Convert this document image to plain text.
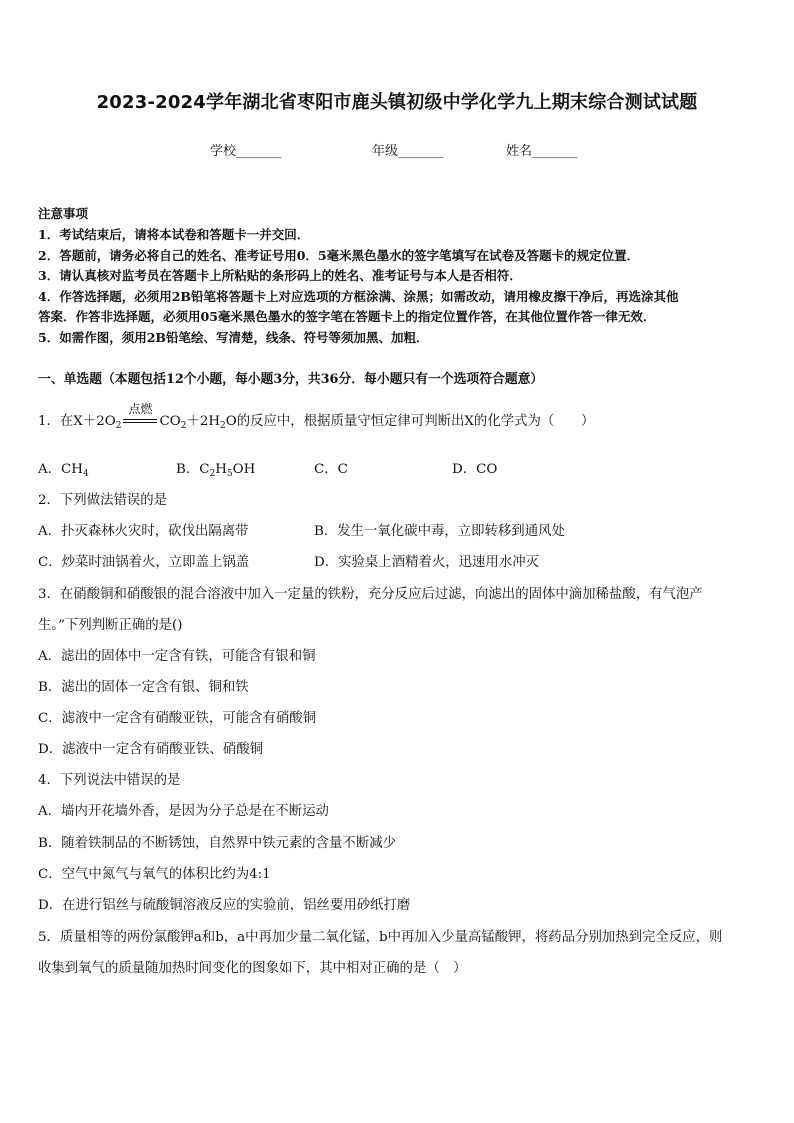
2023-2024学年湖北省枣阳市鹿头镇初级中学化学九上期末综合测试试题
学校_______	年级_______	姓名_______
注意事项
1．考试结束后，请将本试卷和答题卡一并交回．
2．答题前，请务必将自己的姓名、准考证号用0．5毫米黑色墨水的签字笔填写在试卷及答题卡的规定位置．
3．请认真核对监考员在答题卡上所粘贴的条形码上的姓名、准考证号与本人是否相符．
4．作答选择题，必须用2B铅笔将答题卡上对应选项的方框涂满、涂黑；如需改动，请用橡皮擦干净后，再选涂其他
答案．作答非选择题，必须用05毫米黑色墨水的签字笔在答题卡上的指定位置作答，在其他位置作答一律无效．
5．如需作图，须用2B铅笔绘、写清楚，线条、符号等须加黑、加粗．
一、单选题（本题包括12个小题，每小题3分，共36分．每小题只有一个选项符合题意）
1．在$X+2O_2$
点燃
$CO_2+2H_2O$的反应中，根据质量守恒定律可判断出X的化学式为（　　）
A．$CH_4$	B．$C_2H_5OH$	C．C	D．CO
2．下列做法错误的是
A．扑灭森林火灾时，砍伐出隔离带	B．发生一氧化碳中毒，立即转移到通风处
C．炒菜时油锅着火，立即盖上锅盖	D．实验桌上酒精着火，迅速用水冲灭
3．在硝酸铜和硝酸银的混合溶液中加入一定量的铁粉，充分反应后过滤，向滤出的固体中滴加稀盐酸，有气泡产
生。”下列判断正确的是()
A．滤出的固体中一定含有铁，可能含有银和铜
B．滤出的固体一定含有银、铜和铁
C．滤液中一定含有硝酸亚铁，可能含有硝酸铜
D．滤液中一定含有硝酸亚铁、硝酸铜
4．下列说法中错误的是
A．墙内开花墙外香，是因为分子总是在不断运动
B．随着铁制品的不断锈蚀，自然界中铁元素的含量不断减少
C．空气中氮气与氧气的体积比约为4:1
D．在进行铝丝与硫酸铜溶液反应的实验前，铝丝要用砂纸打磨
5．质量相等的两份氯酸钾a和b，a中再加少量二氧化锰，b中再加入少量高锰酸钾，将药品分别加热到完全反应，则
收集到氧气的质量随加热时间变化的图象如下，其中相对正确的是（　）
